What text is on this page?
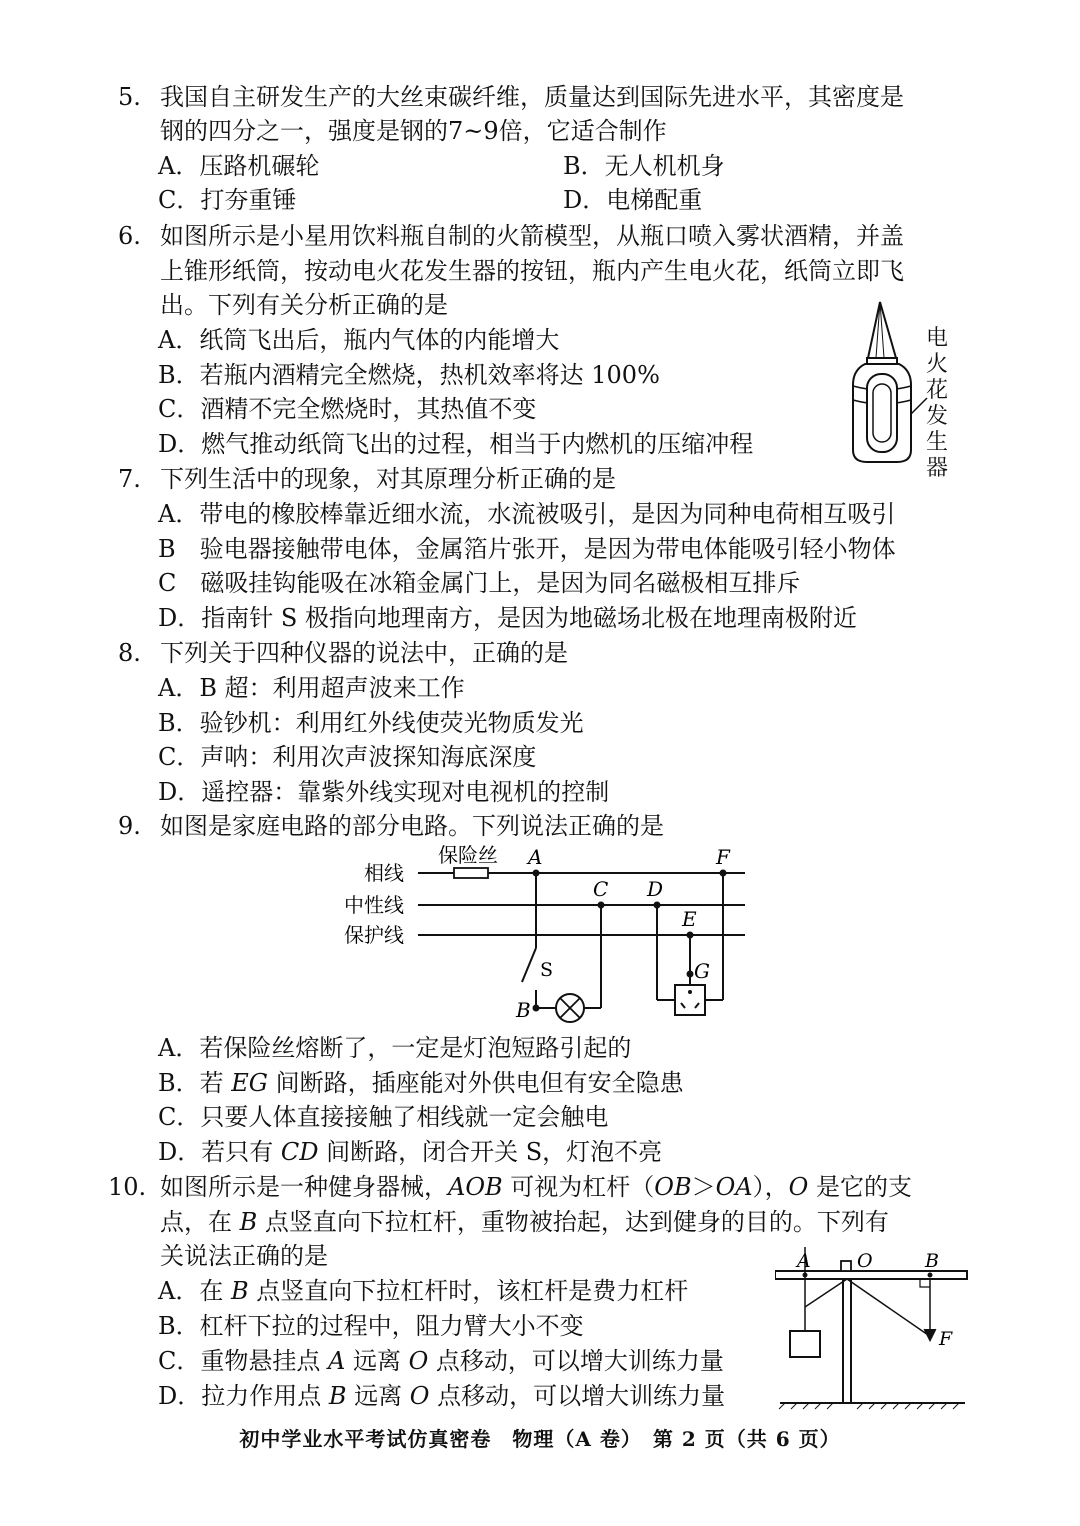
5. 我国自主研发生产的大丝束碳纤维，质量达到国际先进水平，其密度是
钢的四分之一，强度是钢的7~9倍，它适合制作
A．压路机碾轮	B．无人机机身
C．打夯重锤	D．电梯配重
6. 如图所示是小星用饮料瓶自制的火箭模型，从瓶口喷入雾状酒精，并盖
上锥形纸筒，按动电火花发生器的按钮，瓶内产生电火花，纸筒立即飞
出。下列有关分析正确的是
A．纸筒飞出后，瓶内气体的内能增大
B．若瓶内酒精完全燃烧，热机效率将达 100%
C．酒精不完全燃烧时，其热值不变
D．燃气推动纸筒飞出的过程，相当于内燃机的压缩冲程
电火花发生器
7. 下列生活中的现象，对其原理分析正确的是
A．带电的橡胶棒靠近细水流，水流被吸引，是因为同种电荷相互吸引
B　验电器接触带电体，金属箔片张开，是因为带电体能吸引轻小物体
C　磁吸挂钩能吸在冰箱金属门上，是因为同名磁极相互排斥
D．指南针 S 极指向地理南方，是因为地磁场北极在地理南极附近
8. 下列关于四种仪器的说法中，正确的是
A．B 超：利用超声波来工作
B．验钞机：利用红外线使荧光物质发光
C．声呐：利用次声波探知海底深度
D．遥控器：靠紫外线实现对电视机的控制
9. 如图是家庭电路的部分电路。下列说法正确的是
相线
中性线
保护线
保险丝 A
S
B
C D
E
G
F
A．若保险丝熔断了，一定是灯泡短路引起的
B．若 EG 间断路，插座能对外供电但有安全隐患
C．只要人体直接接触了相线就一定会触电
D．若只有 CD 间断路，闭合开关 S，灯泡不亮
10. 如图所示是一种健身器械，AOB 可视为杠杆（OB＞OA），O 是它的支
点，在 B 点竖直向下拉杠杆，重物被抬起，达到健身的目的。下列有
关说法正确的是
A．在 B 点竖直向下拉杠杆时，该杠杆是费力杠杆
B．杠杆下拉的过程中，阻力臂大小不变
C．重物悬挂点 A 远离 O 点移动，可以增大训练力量
D．拉力作用点 B 远离 O 点移动，可以增大训练力量
A O	B
F
初中学业水平考试仿真密卷　物理（A 卷）　第 2 页（共 6 页）
